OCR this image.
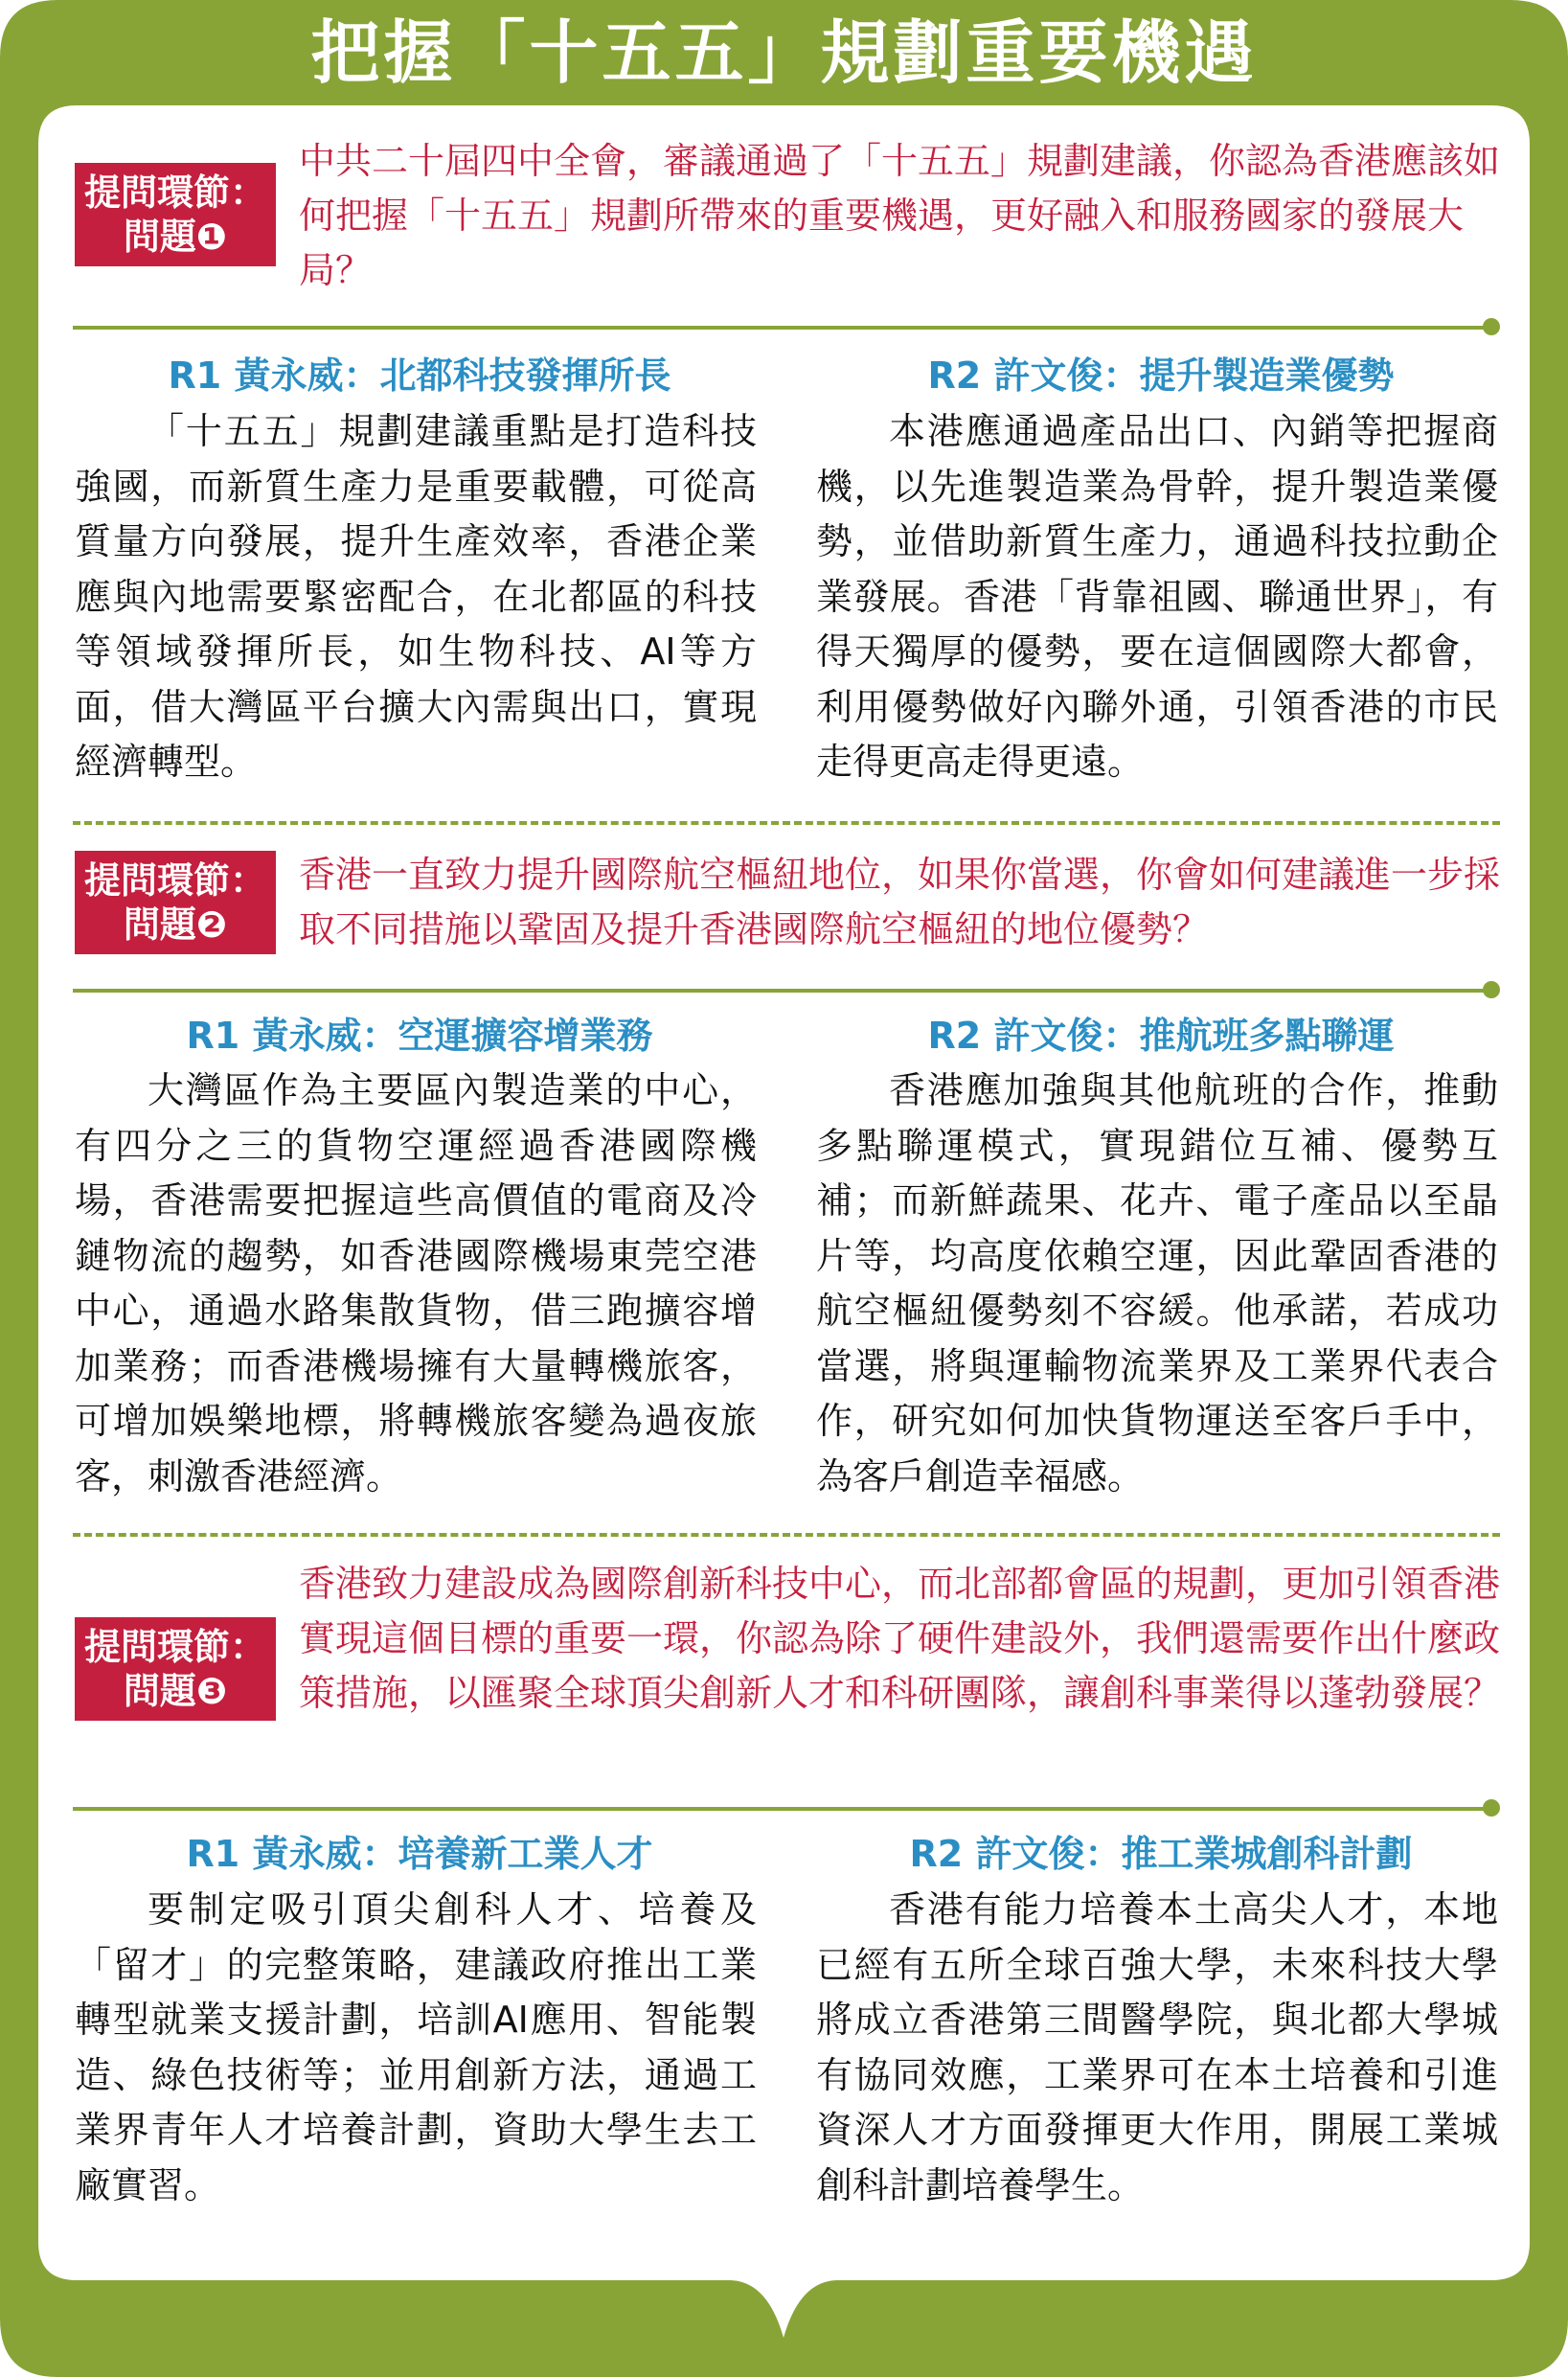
把握「十五五」規劃重要機遇
提問環節：
問題❶
中共二十屆四中全會，審議通過了「十五五」規劃建議，你認為香港應該如何把握「十五五」規劃所帶來的重要機遇，更好融入和服務國家的發展大局？
R1 黃永威：北都科技發揮所長	R2 許文俊：提升製造業優勢
「十五五」規劃建議重點是打造科技強國，而新質生產力是重要載體，可從高質量方向發展，提升生產效率，香港企業應與內地需要緊密配合，在北都區的科技等領域發揮所長，如生物科技、AI等方面，借大灣區平台擴大內需與出口，實現經濟轉型。
本港應通過產品出口、內銷等把握商機，以先進製造業為骨幹，提升製造業優勢，並借助新質生產力，通過科技拉動企業發展。香港「背靠祖國、聯通世界」，有得天獨厚的優勢，要在這個國際大都會，利用優勢做好內聯外通，引領香港的市民走得更高走得更遠。
提問環節：
問題❷
香港一直致力提升國際航空樞紐地位，如果你當選，你會如何建議進一步採取不同措施以鞏固及提升香港國際航空樞紐的地位優勢？
R1 黃永威：空運擴容增業務	R2 許文俊：推航班多點聯運
大灣區作為主要區內製造業的中心，有四分之三的貨物空運經過香港國際機場，香港需要把握這些高價值的電商及冷鏈物流的趨勢，如香港國際機場東莞空港中心，通過水路集散貨物，借三跑擴容增加業務；而香港機場擁有大量轉機旅客，可增加娛樂地標，將轉機旅客變為過夜旅客，刺激香港經濟。
香港應加強與其他航班的合作，推動多點聯運模式，實現錯位互補、優勢互補；而新鮮蔬果、花卉、電子產品以至晶片等，均高度依賴空運，因此鞏固香港的航空樞紐優勢刻不容緩。他承諾，若成功當選，將與運輸物流業界及工業界代表合作，研究如何加快貨物運送至客戶手中，為客戶創造幸福感。
提問環節：
問題❸
香港致力建設成為國際創新科技中心，而北部都會區的規劃，更加引領香港實現這個目標的重要一環，你認為除了硬件建設外，我們還需要作出什麼政策措施，以匯聚全球頂尖創新人才和科研團隊，讓創科事業得以蓬勃發展？
R1 黃永威：培養新工業人才	R2 許文俊：推工業城創科計劃
要制定吸引頂尖創科人才、培養及「留才」的完整策略，建議政府推出工業轉型就業支援計劃，培訓AI應用、智能製造、綠色技術等；並用創新方法，通過工業界青年人才培養計劃，資助大學生去工廠實習。
香港有能力培養本土高尖人才，本地已經有五所全球百強大學，未來科技大學將成立香港第三間醫學院，與北都大學城有協同效應，工業界可在本土培養和引進資深人才方面發揮更大作用，開展工業城創科計劃培養學生。
